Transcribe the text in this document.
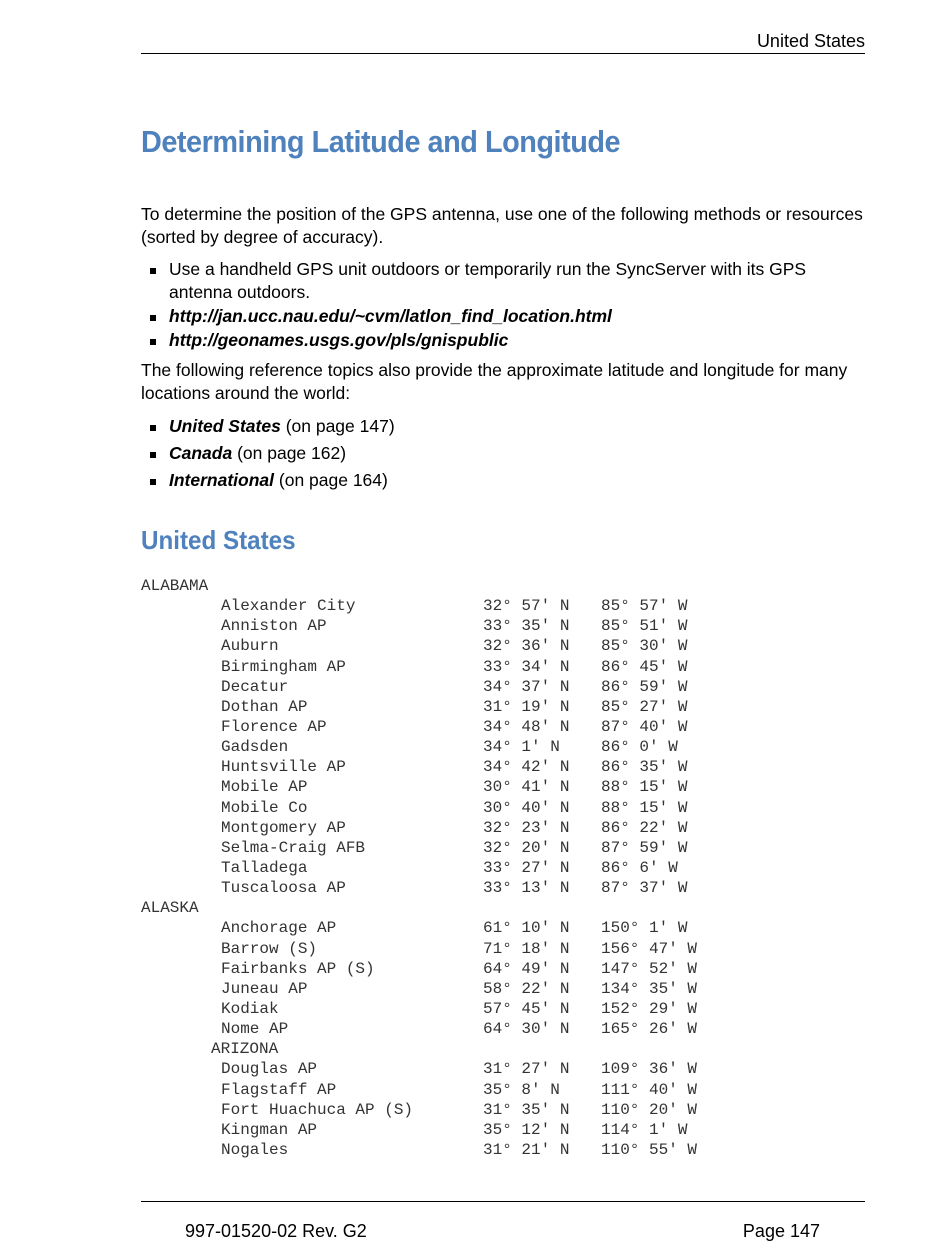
United States
Determining Latitude and Longitude

To determine the position of the GPS antenna, use one of the following methods or resources (sorted by degree of accuracy).

Use a handheld GPS unit outdoors or temporarily run the SyncServer with its GPS antenna outdoors.
http://jan.ucc.nau.edu/~cvm/latlon_find_location.html
http://geonames.usgs.gov/pls/gnispublic

The following reference topics also provide the approximate latitude and longitude for many locations around the world:

United States (on page 147)
Canada (on page 162)
International (on page 164)
United States
ALABAMA
Alexander City	32° 57' N	85° 57' W
Anniston AP	33° 35' N	85° 51' W
Auburn	32° 36' N	85° 30' W
Birmingham AP	33° 34' N	86° 45' W
Decatur	34° 37' N	86° 59' W
Dothan AP	31° 19' N	85° 27' W
Florence AP	34° 48' N	87° 40' W
Gadsden	34° 1' N	86° 0' W
Huntsville AP	34° 42' N	86° 35' W
Mobile AP	30° 41' N	88° 15' W
Mobile Co	30° 40' N	88° 15' W
Montgomery AP	32° 23' N	86° 22' W
Selma-Craig AFB	32° 20' N	87° 59' W
Talladega	33° 27' N	86° 6' W
Tuscaloosa AP	33° 13' N	87° 37' W
ALASKA
Anchorage AP	61° 10' N	150° 1' W
Barrow (S)	71° 18' N	156° 47' W
Fairbanks AP (S)	64° 49' N	147° 52' W
Juneau AP	58° 22' N	134° 35' W
Kodiak	57° 45' N	152° 29' W
Nome AP	64° 30' N	165° 26' W
ARIZONA
Douglas AP	31° 27' N	109° 36' W
Flagstaff AP	35° 8' N	111° 40' W
Fort Huachuca AP (S)	31° 35' N	110° 20' W
Kingman AP	35° 12' N	114° 1' W
Nogales	31° 21' N	110° 55' W
997-01520-02 Rev. G2	Page 147
